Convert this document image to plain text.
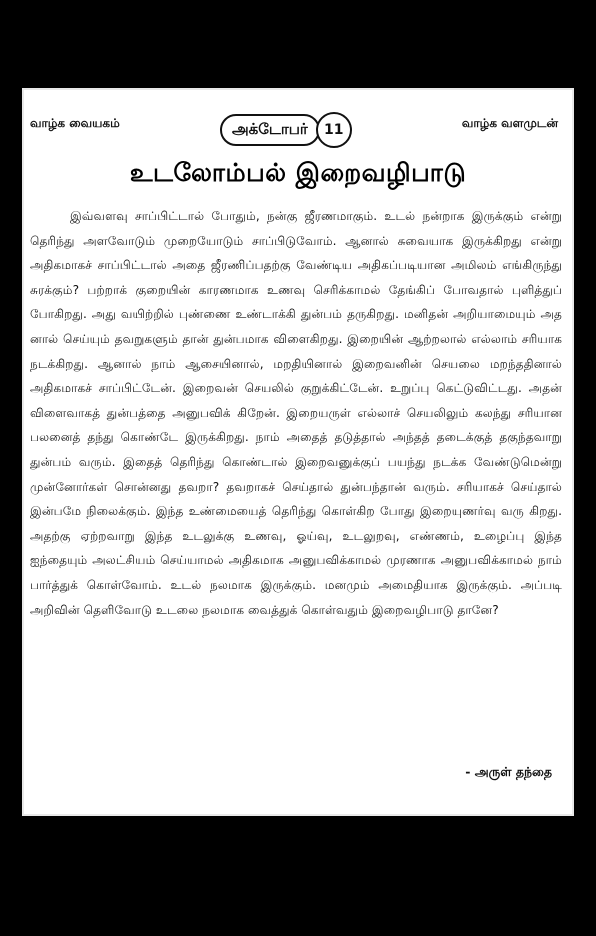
வாழ்க வையகம்	அக்டோபர்	11	வாழ்க வளமுடன்
உடலோம்பல் இறைவழிபாடு

இவ்வளவு சாப்பிட்டால் போதும், நன்கு ஜீரணமாகும். உடல் நன்றாக இருக்கும் என்று தெரிந்து அளவோடும் முறையோடும் சாப்பிடுவோம். ஆனால் சுவையாக இருக்கிறது என்று அதிகமாகச் சாப்பிட்டால் அதை ஜீரணிப்பதற்கு வேண்டிய அதிகப்படியான அமிலம் எங்கிருந்து சுரக்கும்? பற்றாக் குறையின் காரணமாக உணவு செரிக்காமல் தேங்கிப் போவதால் புளித்துப் போகிறது. அது வயிற்றில் புண்ணை உண்டாக்கி துன்பம் தருகிறது. மனிதன் அறியாமையும் அத னால் செய்யும் தவறுகளும் தான் துன்பமாக விளைகிறது. இறையின் ஆற்றலால் எல்லாம் சரியாக நடக்கிறது. ஆனால் நாம் ஆசையினால், மறதியினால் இறைவனின் செயலை மறந்ததினால் அதிகமாகச் சாப்பிட்டேன். இறைவன் செயலில் குறுக்கிட்டேன். உறுப்பு கெட்டுவிட்டது. அதன் விளைவாகத் துன்பத்தை அனுபவிக் கிறேன். இறையருள் எல்லாச் செயலிலும் கலந்து சரியான பலனைத் தந்து கொண்டே இருக்கிறது. நாம் அதைத் தடுத்தால் அந்தத் தடைக்குத் தகுந்தவாறு துன்பம் வரும். இதைத் தெரிந்து கொண்டால் இறைவனுக்குப் பயந்து நடக்க வேண்டுமென்று முன்னோர்கள் சொன்னது தவறா? தவறாகச் செய்தால் துன்பந்தான் வரும். சரியாகச் செய்தால் இன்பமே நிலைக்கும். இந்த உண்மையைத் தெரிந்து கொள்கிற போது இறையுணர்வு வரு கிறது. அதற்கு ஏற்றவாறு இந்த உடலுக்கு உணவு, ஓய்வு, உடலுறவு, எண்ணம், உழைப்பு இந்த ஐந்தையும் அலட்சியம் செய்யாமல் அதிகமாக அனுபவிக்காமல் முரணாக அனுபவிக்காமல் நாம் பார்த்துக் கொள்வோம். உடல் நலமாக இருக்கும். மனமும் அமைதியாக இருக்கும். அப்படி அறிவின் தெளிவோடு உடலை நலமாக வைத்துக் கொள்வதும் இறைவழிபாடு தானே?

- அருள் தந்தை
